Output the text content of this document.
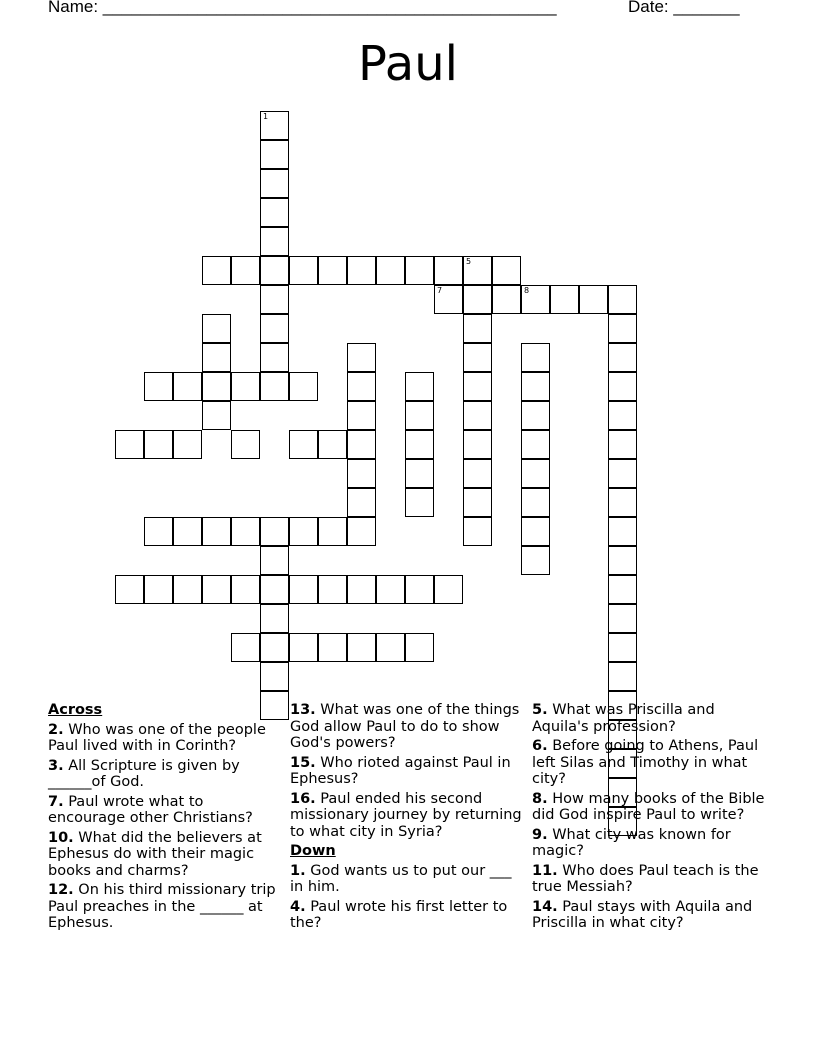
Name: ________________________________________________	Date: _______
Paul
1
5
7	8
Across
2. Who was one of the people Paul lived with in Corinth?
3. All Scripture is given by ______of God.
7. Paul wrote what to encourage other Christians?
10. What did the believers at Ephesus do with their magic books and charms?
12. On his third missionary trip Paul preaches in the ______ at Ephesus.
13. What was one of the things God allow Paul to do to show God's powers?
15. Who rioted against Paul in Ephesus?
16. Paul ended his second missionary journey by returning to what city in Syria?
Down
1. God wants us to put our ___ in him.
4. Paul wrote his first letter to the?
5. What was Priscilla and Aquila's profession?
6. Before going to Athens, Paul left Silas and Timothy in what city?
8. How many books of the Bible did God inspire Paul to write?
9. What city was known for magic?
11. Who does Paul teach is the true Messiah?
14. Paul stays with Aquila and Priscilla in what city?
